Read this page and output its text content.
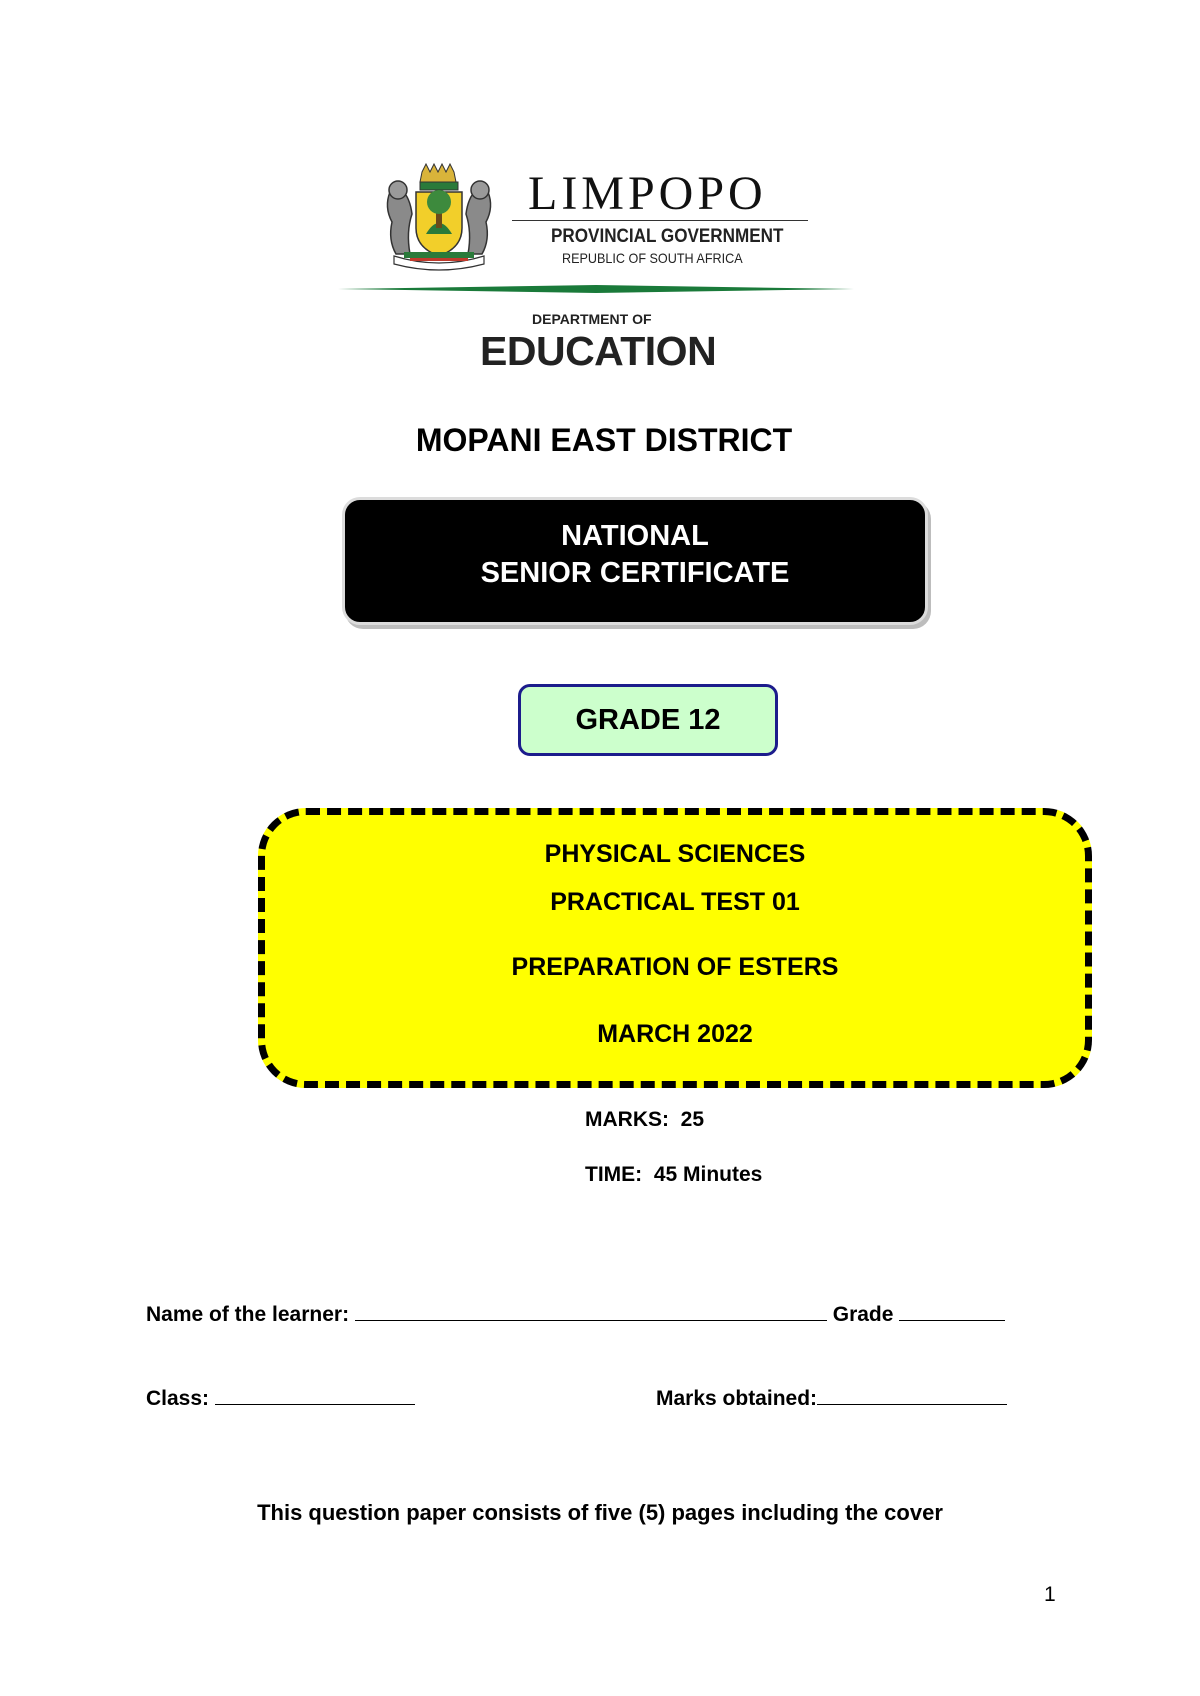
LIMPOPO
PROVINCIAL GOVERNMENT
REPUBLIC OF SOUTH AFRICA
DEPARTMENT OF
EDUCATION
MOPANI EAST DISTRICT
NATIONAL
SENIOR CERTIFICATE
GRADE 12
PHYSICAL SCIENCES
PRACTICAL TEST 01
PREPARATION OF ESTERS
MARCH 2022
MARKS: 25
TIME: 45 Minutes
Name of the learner:	Grade
Class:	Marks obtained:
This question paper consists of five (5) pages including the cover
1
